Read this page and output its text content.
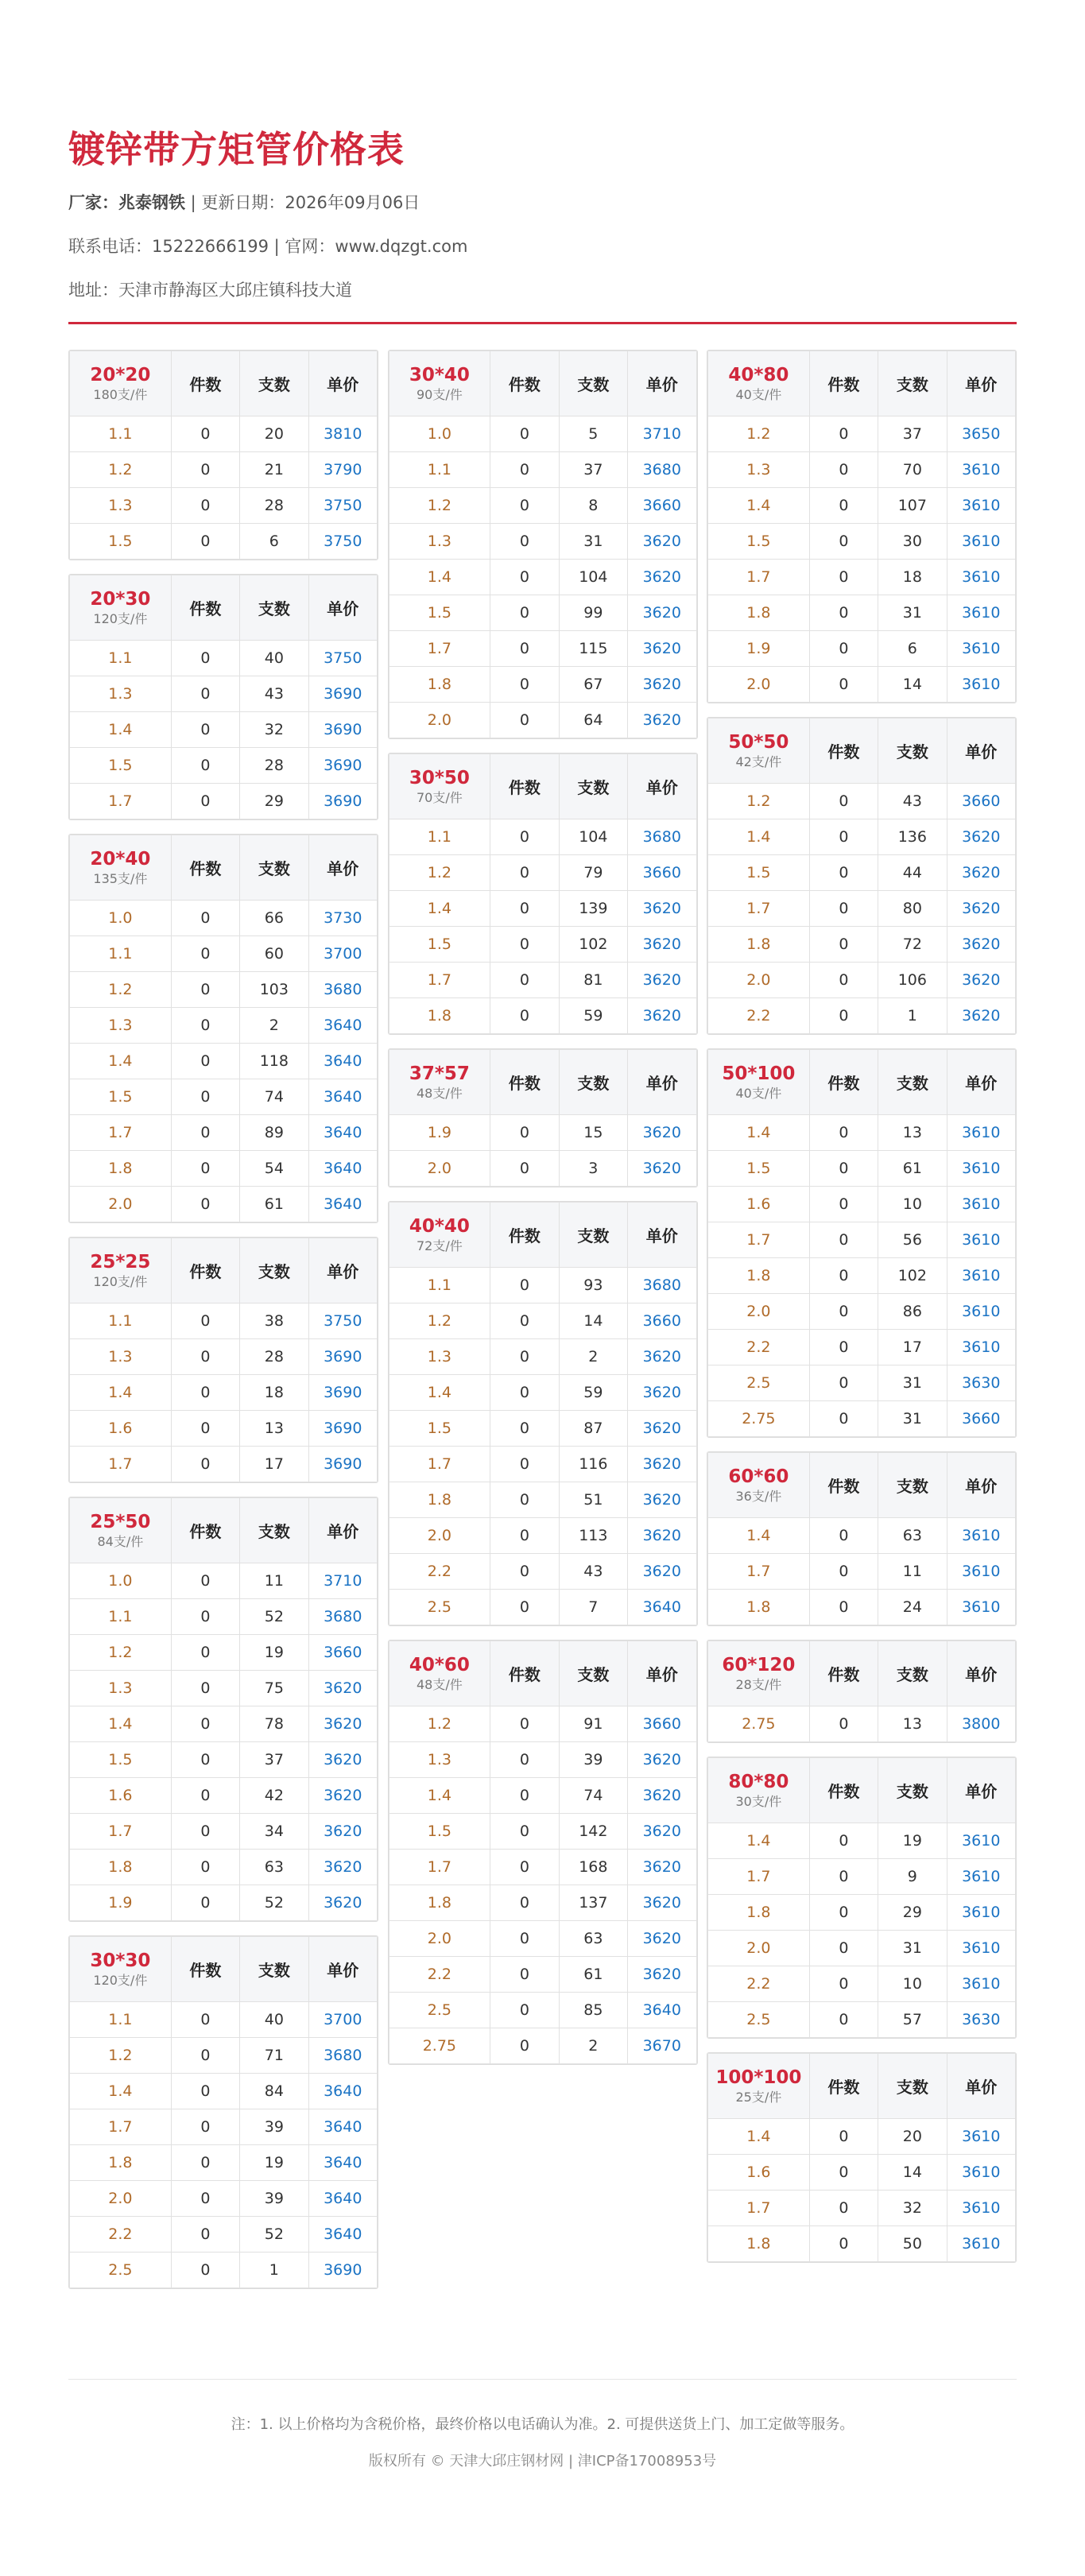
镀锌带方矩管价格表
厂家：兆泰钢铁 | 更新日期：2026年09月06日
联系电话：15222666199 | 官网：www.dqzgt.com
地址：天津市静海区大邱庄镇科技大道
20*20
180支/件	件数	支数	单价
1.1	0	20	3810
1.2	0	21	3790
1.3	0	28	3750
1.5	0	6	3750
20*30
120支/件	件数	支数	单价
1.1	0	40	3750
1.3	0	43	3690
1.4	0	32	3690
1.5	0	28	3690
1.7	0	29	3690
20*40
135支/件	件数	支数	单价
1.0	0	66	3730
1.1	0	60	3700
1.2	0	103	3680
1.3	0	2	3640
1.4	0	118	3640
1.5	0	74	3640
1.7	0	89	3640
1.8	0	54	3640
2.0	0	61	3640
25*25
120支/件	件数	支数	单价
1.1	0	38	3750
1.3	0	28	3690
1.4	0	18	3690
1.6	0	13	3690
1.7	0	17	3690
25*50
84支/件	件数	支数	单价
1.0	0	11	3710
1.1	0	52	3680
1.2	0	19	3660
1.3	0	75	3620
1.4	0	78	3620
1.5	0	37	3620
1.6	0	42	3620
1.7	0	34	3620
1.8	0	63	3620
1.9	0	52	3620
30*30
120支/件	件数	支数	单价
1.1	0	40	3700
1.2	0	71	3680
1.4	0	84	3640
1.7	0	39	3640
1.8	0	19	3640
2.0	0	39	3640
2.2	0	52	3640
2.5	0	1	3690
30*40
90支/件	件数	支数	单价
1.0	0	5	3710
1.1	0	37	3680
1.2	0	8	3660
1.3	0	31	3620
1.4	0	104	3620
1.5	0	99	3620
1.7	0	115	3620
1.8	0	67	3620
2.0	0	64	3620
30*50
70支/件	件数	支数	单价
1.1	0	104	3680
1.2	0	79	3660
1.4	0	139	3620
1.5	0	102	3620
1.7	0	81	3620
1.8	0	59	3620
37*57
48支/件	件数	支数	单价
1.9	0	15	3620
2.0	0	3	3620
40*40
72支/件	件数	支数	单价
1.1	0	93	3680
1.2	0	14	3660
1.3	0	2	3620
1.4	0	59	3620
1.5	0	87	3620
1.7	0	116	3620
1.8	0	51	3620
2.0	0	113	3620
2.2	0	43	3620
2.5	0	7	3640
40*60
48支/件	件数	支数	单价
1.2	0	91	3660
1.3	0	39	3620
1.4	0	74	3620
1.5	0	142	3620
1.7	0	168	3620
1.8	0	137	3620
2.0	0	63	3620
2.2	0	61	3620
2.5	0	85	3640
2.75	0	2	3670
40*80
40支/件	件数	支数	单价
1.2	0	37	3650
1.3	0	70	3610
1.4	0	107	3610
1.5	0	30	3610
1.7	0	18	3610
1.8	0	31	3610
1.9	0	6	3610
2.0	0	14	3610
50*50
42支/件	件数	支数	单价
1.2	0	43	3660
1.4	0	136	3620
1.5	0	44	3620
1.7	0	80	3620
1.8	0	72	3620
2.0	0	106	3620
2.2	0	1	3620
50*100
40支/件	件数	支数	单价
1.4	0	13	3610
1.5	0	61	3610
1.6	0	10	3610
1.7	0	56	3610
1.8	0	102	3610
2.0	0	86	3610
2.2	0	17	3610
2.5	0	31	3630
2.75	0	31	3660
60*60
36支/件	件数	支数	单价
1.4	0	63	3610
1.7	0	11	3610
1.8	0	24	3610
60*120
28支/件	件数	支数	单价
2.75	0	13	3800
80*80
30支/件	件数	支数	单价
1.4	0	19	3610
1.7	0	9	3610
1.8	0	29	3610
2.0	0	31	3610
2.2	0	10	3610
2.5	0	57	3630
100*100
25支/件	件数	支数	单价
1.4	0	20	3610
1.6	0	14	3610
1.7	0	32	3610
1.8	0	50	3610
注：1. 以上价格均为含税价格，最终价格以电话确认为准。2. 可提供送货上门、加工定做等服务。
版权所有 © 天津大邱庄钢材网 | 津ICP备17008953号
